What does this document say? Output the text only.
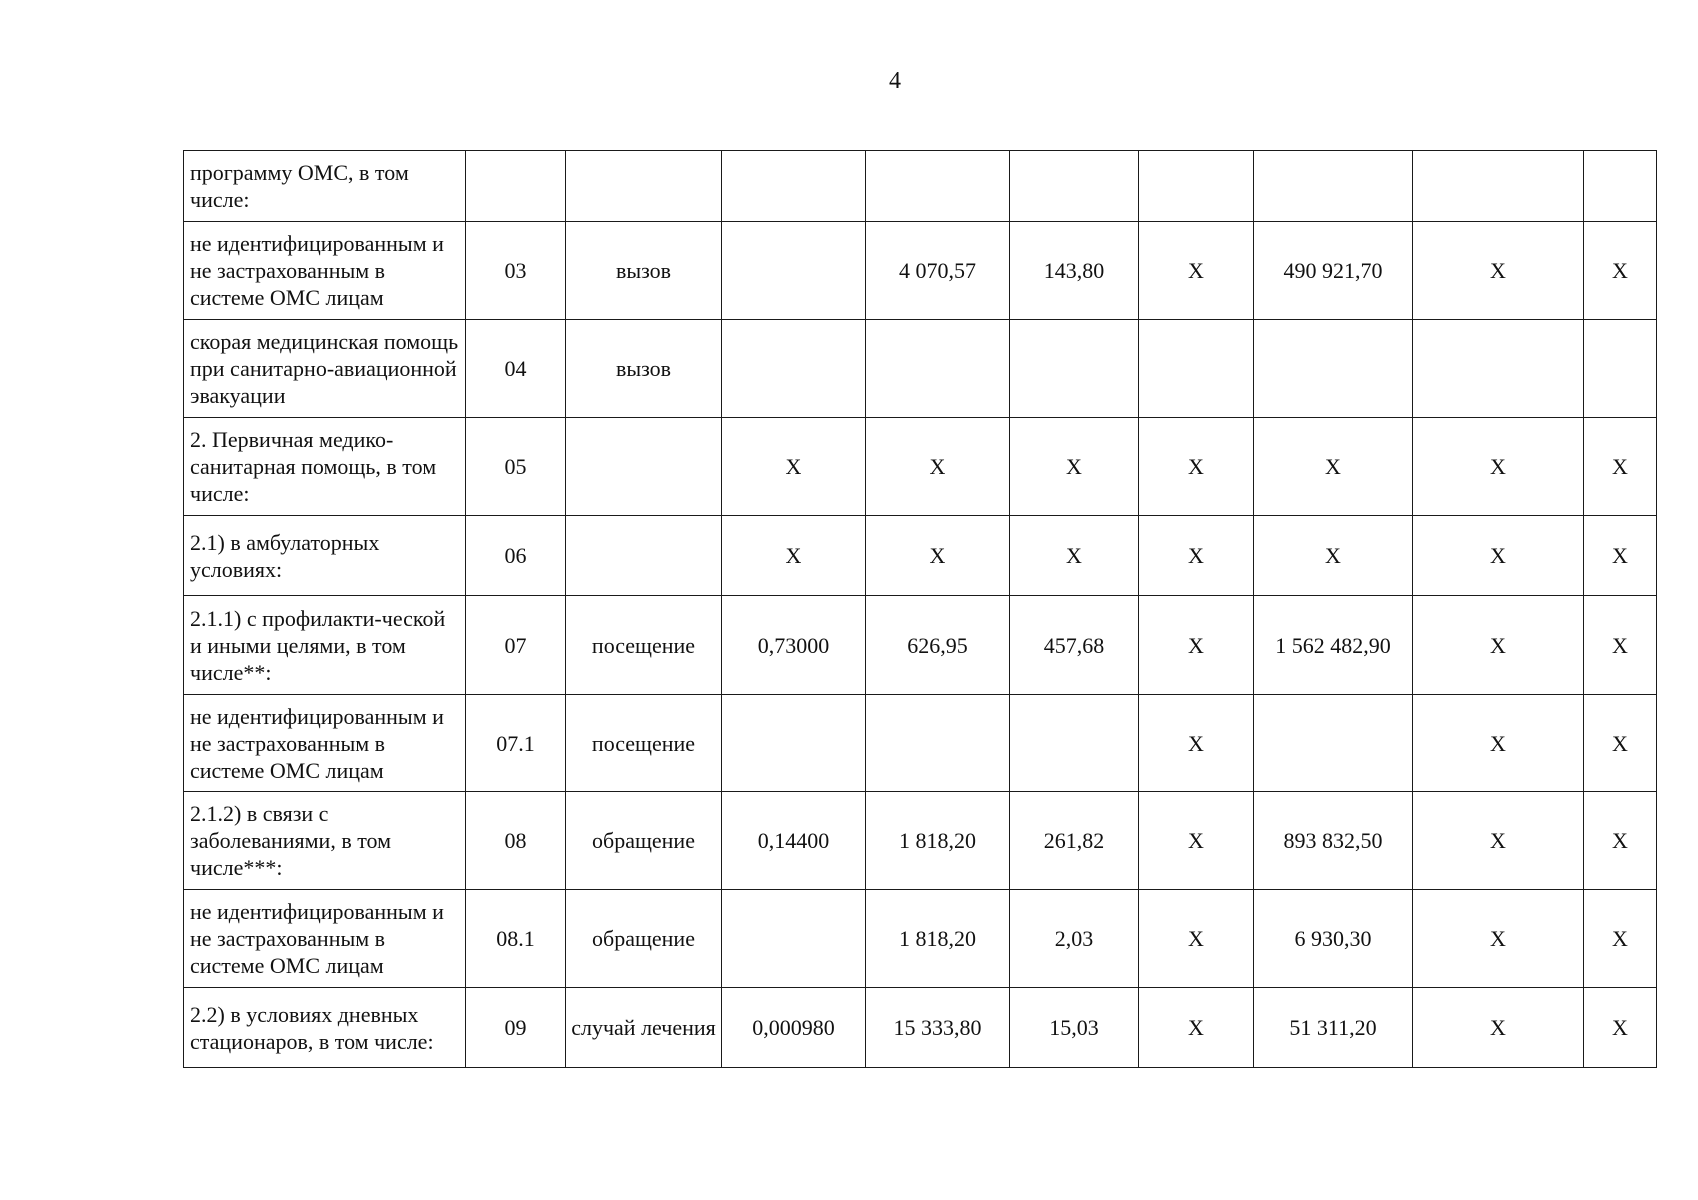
4
программу ОМС, в том числе:									
не идентифицированным и не застрахованным в системе ОМС лицам	03	вызов		4 070,57	143,80	X	490 921,70	X	X
скорая медицинская помощь при санитарно-авиационной эвакуации	04	вызов							
2. Первичная медико-санитарная помощь, в том числе:	05		X	X	X	X	X	X	X
2.1) в амбулаторных условиях:	06		X	X	X	X	X	X	X
2.1.1) с профилакти-ческой и иными целями, в том числе**:	07	посещение	0,73000	626,95	457,68	X	1 562 482,90	X	X
не идентифицированным и не застрахованным в системе ОМС лицам	07.1	посещение				X		X	X
2.1.2) в связи с заболеваниями, в том числе***:	08	обращение	0,14400	1 818,20	261,82	X	893 832,50	X	X
не идентифицированным и не застрахованным в системе ОМС лицам	08.1	обращение		1 818,20	2,03	X	6 930,30	X	X
2.2) в условиях дневных стационаров, в том числе:	09	случай лечения	0,000980	15 333,80	15,03	X	51 311,20	X	X
